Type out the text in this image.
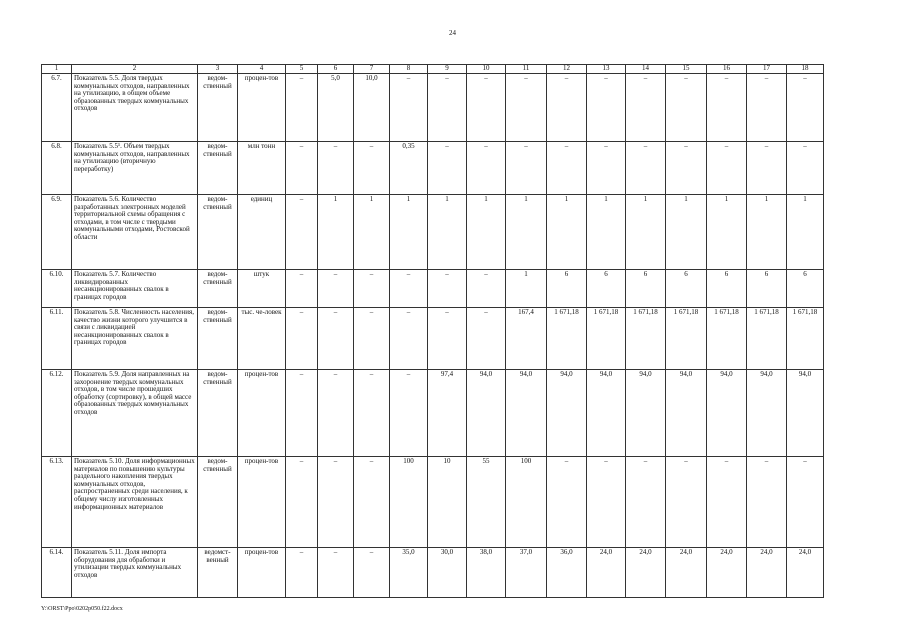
24
1	2	3	4	5	6	7	8	9	10	11	12	13	14	15	16	17	18
6.7.	Показатель 5.5. Доля твердых коммунальных отходов, направленных на утилизацию, в общем объеме образованных твердых коммунальных отходов	ведом-ственный	процен-тов	–	5,0	10,0	–	–	–	–	–	–	–	–	–	–	–
6.8.	Показатель 5.5¹. Объем твердых коммунальных отходов, направленных на утилизацию (вторичную переработку)	ведом-ственный	млн тонн	–	–	–	0,35	–	–	–	–	–	–	–	–	–	–
6.9.	Показатель 5.6. Количество разработанных электронных моделей территориальной схемы обращения с отходами, в том числе с твердыми коммунальными отходами, Ростовской области	ведом-ственный	единиц	–	1	1	1	1	1	1	1	1	1	1	1	1	1
6.10.	Показатель 5.7. Количество ликвидированных несанкционированных свалок в границах городов	ведом-ственный	штук	–	–	–	–	–	–	1	6	6	6	6	6	6	6
6.11.	Показатель 5.8. Численность населения, качество жизни которого улучшится в связи с ликвидацией несанкционированных свалок в границах городов	ведом-ственный	тыс. че-ловек	–	–	–	–	–	–	167,4	1 671,18	1 671,18	1 671,18	1 671,18	1 671,18	1 671,18	1 671,18
6.12.	Показатель 5.9. Доля направленных на захоронение твердых коммунальных отходов, в том числе прошедших обработку (сортировку), в общей массе образованных твердых коммунальных отходов	ведом-ственный	процен-тов	–	–	–	–	97,4	94,0	94,0	94,0	94,0	94,0	94,0	94,0	94,0	94,0
6.13.	Показатель 5.10. Доля информационных материалов по повышению культуры раздельного накопления твердых коммунальных отходов, распространенных среди населения, к общему числу изготовленных информационных материалов	ведом-ственный	процен-тов	–	–	–	100	10	55	100	–	–	–	–	–	–	–
6.14.	Показатель 5.11. Доля импорта оборудования для обработки и утилизации твердых коммунальных отходов	ведомст-венный	процен-тов	–	–	–	35,0	30,0	38,0	37,0	36,0	24,0	24,0	24,0	24,0	24,0	24,0
Y:\ORST\Ppo\0202p050.f22.docx
